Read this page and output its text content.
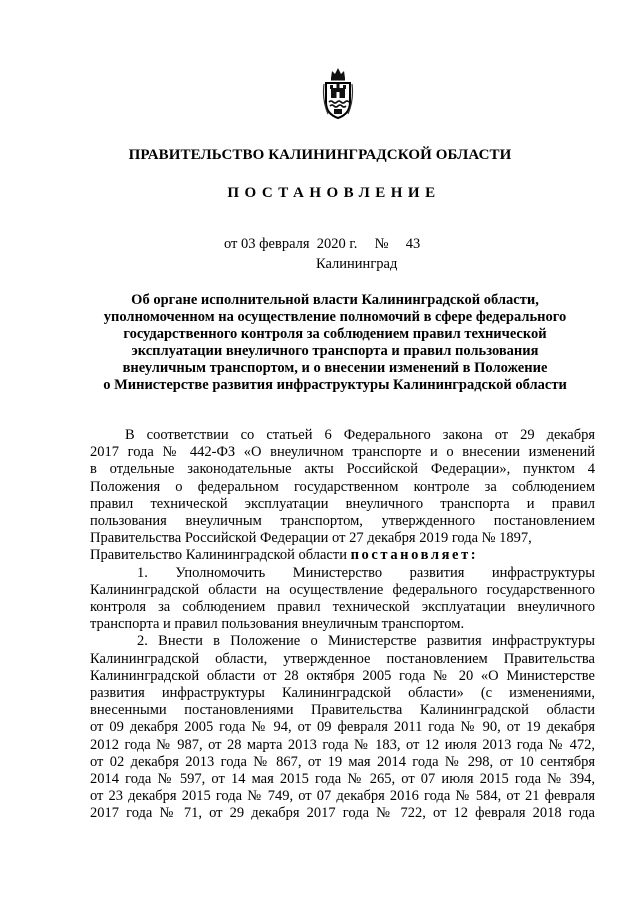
ПРАВИТЕЛЬСТВО КАЛИНИНГРАДСКОЙ ОБЛАСТИ
ПОСТАНОВЛЕНИЕ
от 03 февраля  2020 г. № 43
Калининград
Об органе исполнительной власти Калининградской области,
уполномоченном на осуществление полномочий в сфере федерального
государственного контроля за соблюдением правил технической
эксплуатации внеуличного транспорта и правил пользования
внеуличным транспортом, и о внесении изменений в Положение
о Министерстве развития инфраструктуры Калининградской области
В соответствии со статьей 6 Федерального закона от 29 декабря
2017 года № 442-ФЗ «О внеуличном транспорте и о внесении изменений
в отдельные законодательные акты Российской Федерации», пунктом 4
Положения о федеральном государственном контроле за соблюдением
правил технической эксплуатации внеуличного транспорта и правил
пользования внеуличным транспортом, утвержденного постановлением
Правительства Российской Федерации от 27 декабря 2019 года № 1897,
Правительство Калининградской области постановляет:
1. Уполномочить Министерство развития инфраструктуры
Калининградской области на осуществление федерального государственного
контроля за соблюдением правил технической эксплуатации внеуличного
транспорта и правил пользования внеуличным транспортом.
2. Внести в Положение о Министерстве развития инфраструктуры
Калининградской области, утвержденное постановлением Правительства
Калининградской области от 28 октября 2005 года № 20 «О Министерстве
развития инфраструктуры Калининградской области» (с изменениями,
внесенными постановлениями Правительства Калининградской области
от 09 декабря 2005 года № 94, от 09 февраля 2011 года № 90, от 19 декабря
2012 года № 987, от 28 марта 2013 года № 183, от 12 июля 2013 года № 472,
от 02 декабря 2013 года № 867, от 19 мая 2014 года № 298, от 10 сентября
2014 года № 597, от 14 мая 2015 года № 265, от 07 июля 2015 года № 394,
от 23 декабря 2015 года № 749, от 07 декабря 2016 года № 584, от 21 февраля
2017 года № 71, от 29 декабря 2017 года № 722, от 12 февраля 2018 года
